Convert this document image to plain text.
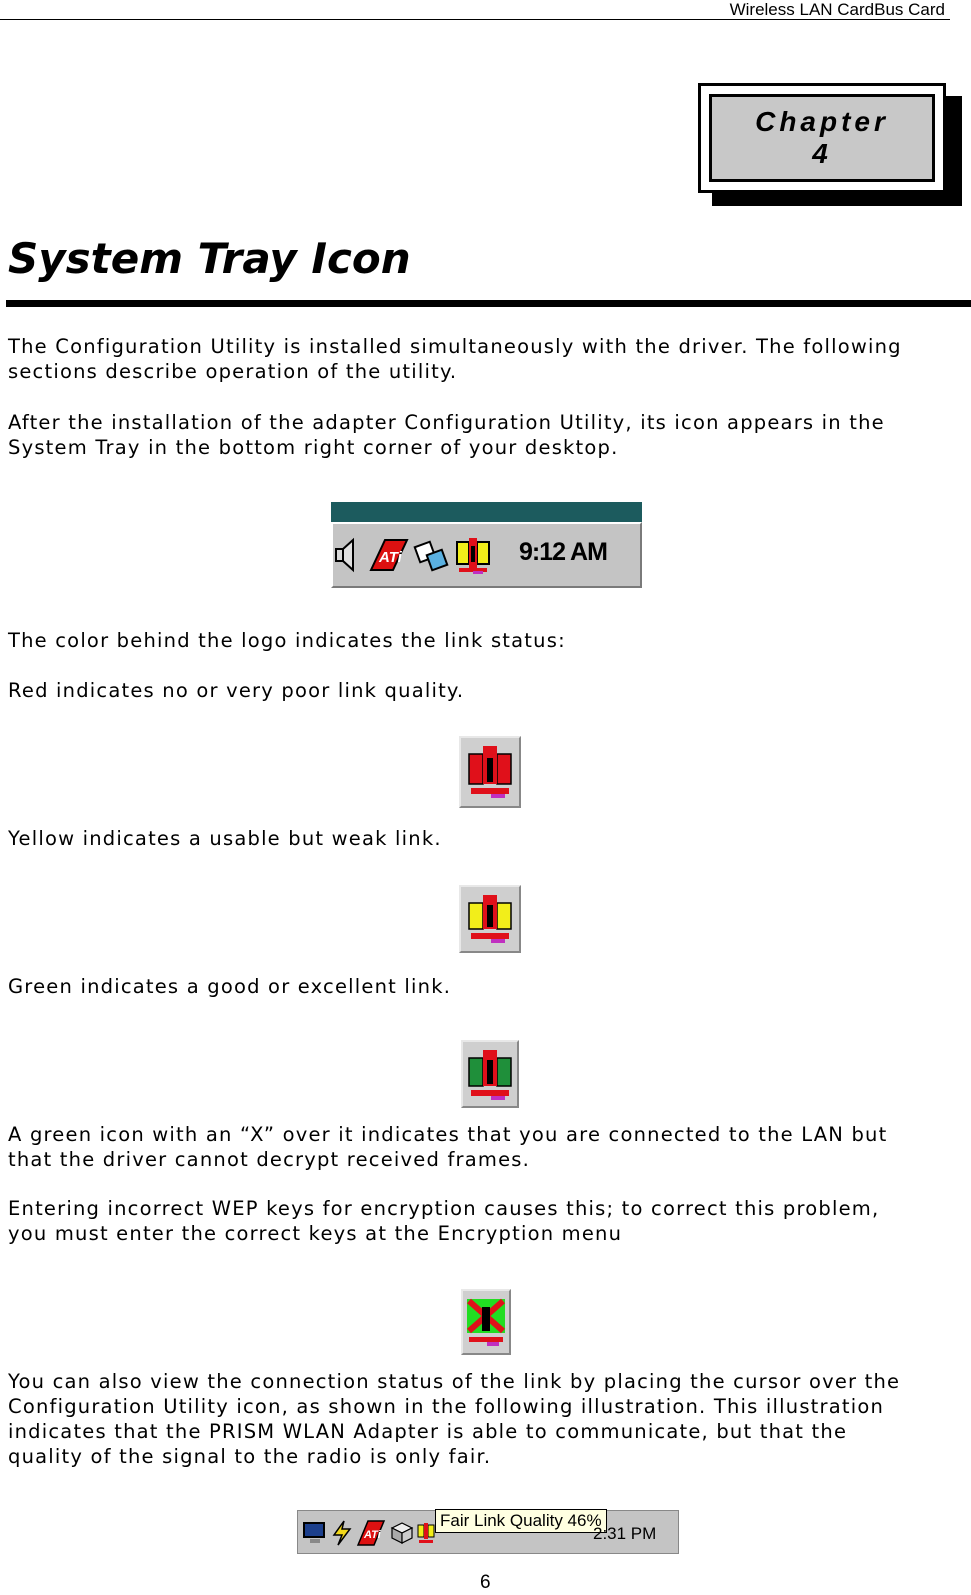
Wireless LAN CardBus Card
Chapter
4
System Tray Icon

The Configuration Utility is installed simultaneously with the driver. The following
sections describe operation of the utility.

After the installation of the adapter Configuration Utility, its icon appears in the
System Tray in the bottom right corner of your desktop.

ATi	9:12 AM

The color behind the logo indicates the link status:

Red indicates no or very poor link quality.

Yellow indicates a usable but weak link.

Green indicates a good or excellent link.

A green icon with an “X” over it indicates that you are connected to the LAN but
that the driver cannot decrypt received frames.

Entering incorrect WEP keys for encryption causes this; to correct this problem,
you must enter the correct keys at the Encryption menu

You can also view the connection status of the link by placing the cursor over the
Configuration Utility icon, as shown in the following illustration. This illustration
indicates that the PRISM WLAN Adapter is able to communicate, but that the
quality of the signal to the radio is only fair.

ATi
Fair Link Quality 46%
2:31 PM
6
